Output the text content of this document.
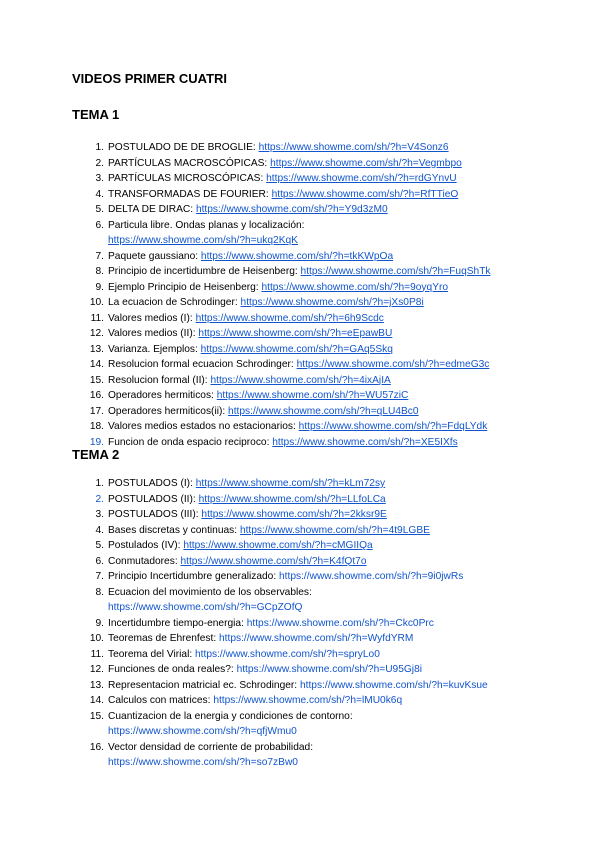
VIDEOS PRIMER CUATRI
TEMA 1
1. POSTULADO DE DE BROGLIE: https://www.showme.com/sh/?h=V4Sonz6
2. PARTÍCULAS MACROSCÓPICAS: https://www.showme.com/sh/?h=Vegmbpo
3. PARTÍCULAS MICROSCÓPICAS: https://www.showme.com/sh/?h=rdGYnvU
4. TRANSFORMADAS DE FOURIER: https://www.showme.com/sh/?h=RfTTieO
5. DELTA DE DIRAC: https://www.showme.com/sh/?h=Y9d3zM0
6. Particula libre. Ondas planas y localización:
https://www.showme.com/sh/?h=ukq2KqK
7. Paquete gaussiano: https://www.showme.com/sh/?h=tkKWpOa
8. Principio de incertidumbre de Heisenberg: https://www.showme.com/sh/?h=FuqShTk
9. Ejemplo Principio de Heisenberg: https://www.showme.com/sh/?h=9oyqYro
10. La ecuacion de Schrodinger: https://www.showme.com/sh/?h=jXs0P8i
11. Valores medios (I): https://www.showme.com/sh/?h=6h9Scdc
12. Valores medios (II): https://www.showme.com/sh/?h=eEpawBU
13. Varianza. Ejemplos: https://www.showme.com/sh/?h=GAq5Skq
14. Resolucion formal ecuacion Schrodinger: https://www.showme.com/sh/?h=edmeG3c
15. Resolucion formal (II): https://www.showme.com/sh/?h=4ixAjIA
16. Operadores hermiticos: https://www.showme.com/sh/?h=WU57ziC
17. Operadores hermiticos(ii): https://www.showme.com/sh/?h=qLU4Bc0
18. Valores medios estados no estacionarios: https://www.showme.com/sh/?h=FdqLYdk
19. Funcion de onda espacio reciproco: https://www.showme.com/sh/?h=XE5IXfs
TEMA 2
1. POSTULADOS (I): https://www.showme.com/sh/?h=kLm72sy
2. POSTULADOS (II): https://www.showme.com/sh/?h=LLfoLCa
3. POSTULADOS (III): https://www.showme.com/sh/?h=2kksr9E
4. Bases discretas y continuas: https://www.showme.com/sh/?h=4t9LGBE
5. Postulados (IV): https://www.showme.com/sh/?h=cMGIIQa
6. Conmutadores: https://www.showme.com/sh/?h=K4fQt7o
7. Principio Incertidumbre generalizado: https://www.showme.com/sh/?h=9i0jwRs
8. Ecuacion del movimiento de los observables:
https://www.showme.com/sh/?h=GCpZOfQ
9. Incertidumbre tiempo-energia: https://www.showme.com/sh/?h=Ckc0Prc
10. Teoremas de Ehrenfest: https://www.showme.com/sh/?h=WyfdYRM
11. Teorema del Virial: https://www.showme.com/sh/?h=spryLo0
12. Funciones de onda reales?: https://www.showme.com/sh/?h=U95Gj8i
13. Representacion matricial ec. Schrodinger: https://www.showme.com/sh/?h=kuvKsue
14. Calculos con matrices: https://www.showme.com/sh/?h=lMU0k6q
15. Cuantizacion de la energia y condiciones de contorno:
https://www.showme.com/sh/?h=qfjWmu0
16. Vector densidad de corriente de probabilidad:
https://www.showme.com/sh/?h=so7zBw0
